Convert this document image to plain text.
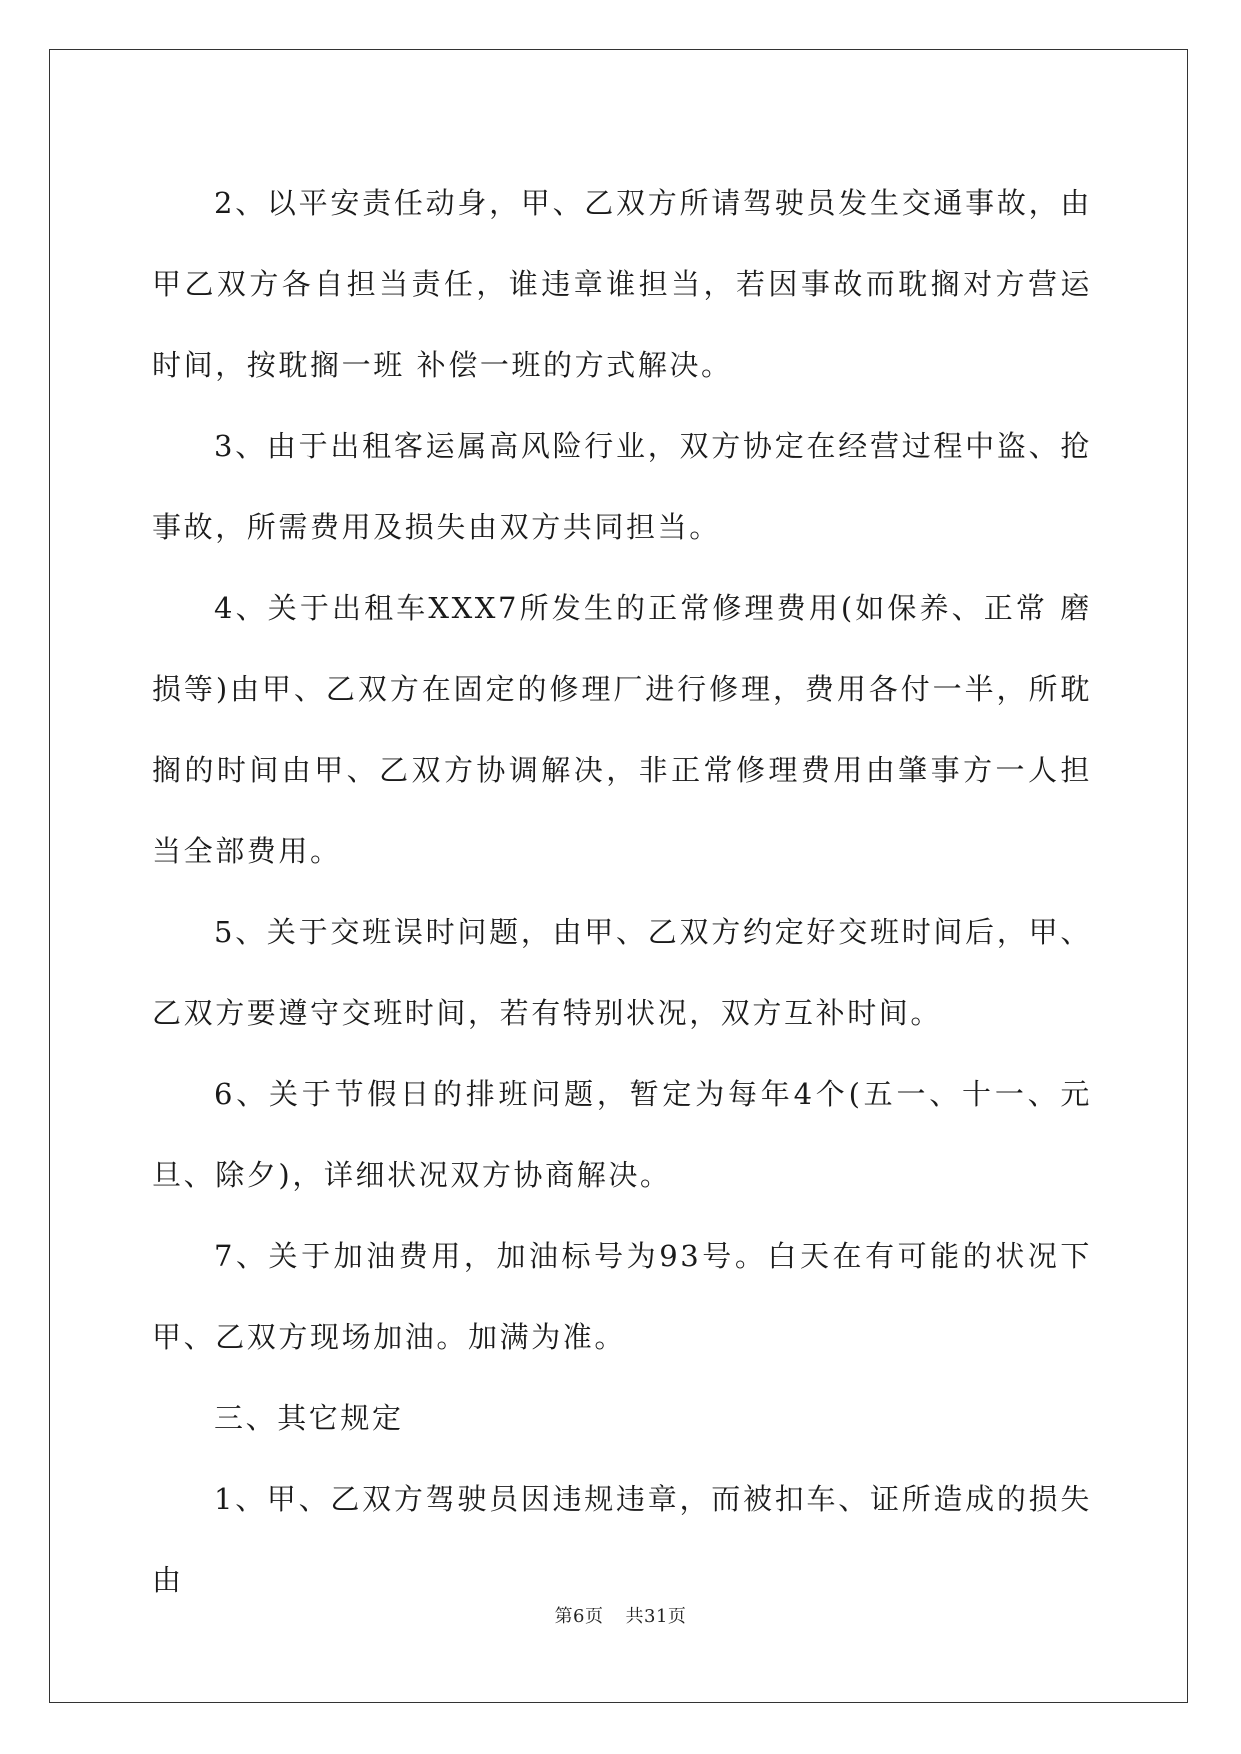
2、以平安责任动身，甲、乙双方所请驾驶员发生交通事故，由甲乙双方各自担当责任，谁违章谁担当，若因事故而耽搁对方营运时间，按耽搁一班 补偿一班的方式解决。

3、由于出租客运属高风险行业，双方协定在经营过程中盗、抢事故，所需费用及损失由双方共同担当。

4、关于出租车XXX7所发生的正常修理费用(如保养、正常 磨损等)由甲、乙双方在固定的修理厂进行修理，费用各付一半，所耽搁的时间由甲、乙双方协调解决，非正常修理费用由肇事方一人担当全部费用。

5、关于交班误时问题，由甲、乙双方约定好交班时间后，甲、乙双方要遵守交班时间，若有特别状况，双方互补时间。

6、关于节假日的排班问题，暂定为每年4个(五一、十一、元旦、除夕)，详细状况双方协商解决。

7、关于加油费用，加油标号为93号。白天在有可能的状况下甲、乙双方现场加油。加满为准。

三、其它规定

1、甲、乙双方驾驶员因违规违章，而被扣车、证所造成的损失由

第6页 共31页
